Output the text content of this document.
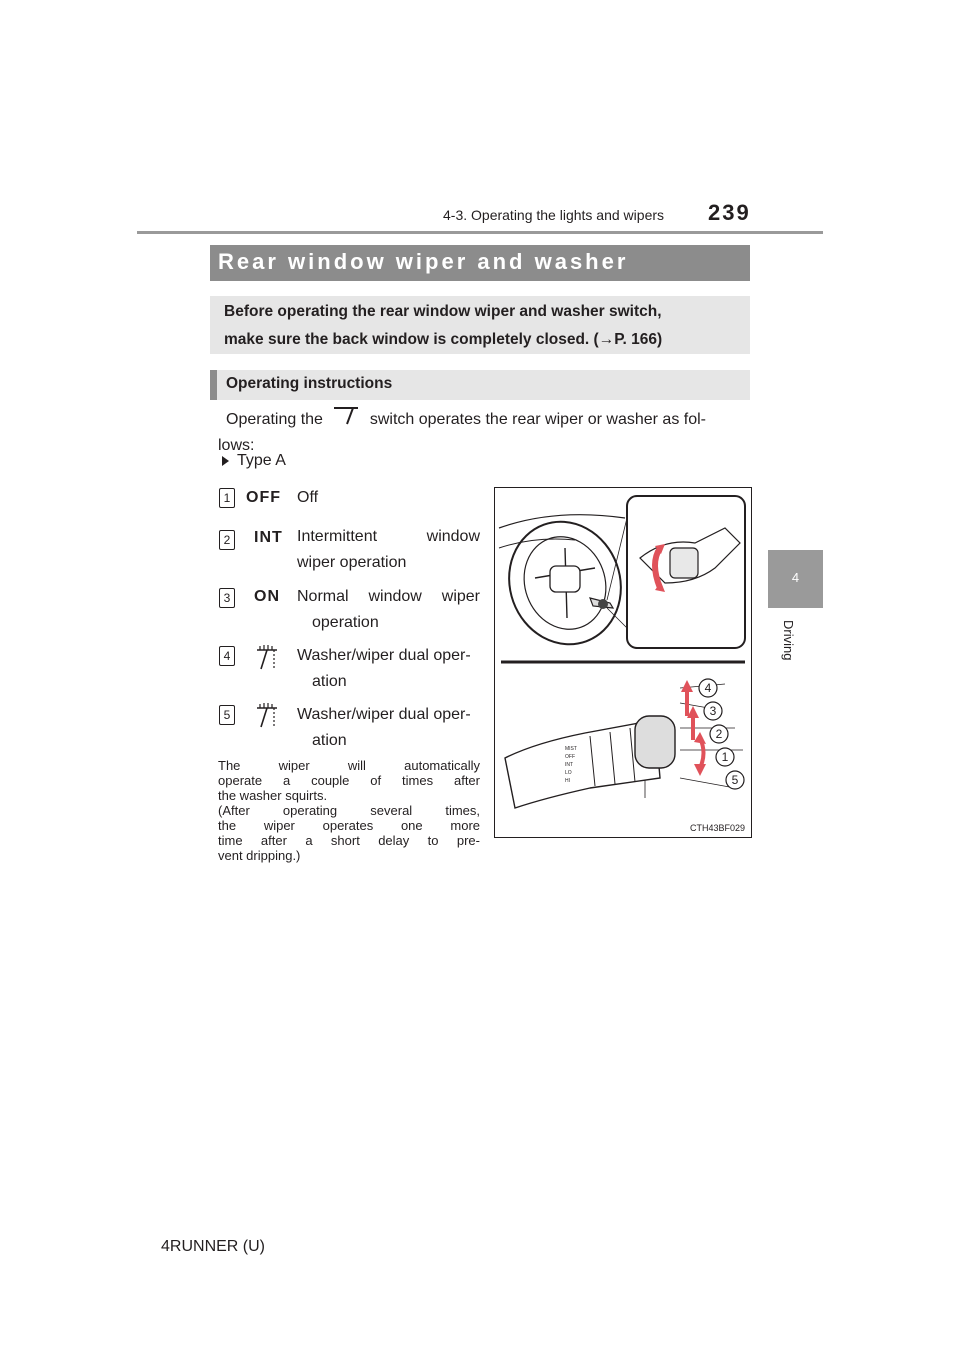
4-3. Operating the lights and wipers 239
4
Driving
Rear window wiper and washer
Before operating the rear window wiper and washer switch,
make sure the back window is completely closed. (→P. 166)
Operating instructions
Operating the	switch operates the rear wiper or washer as fol-
lows:
Type A
1 OFF Off
2 INT Intermittent window
wiper operation
3 ON Normal window wiper
operation
4	Washer/wiper dual oper-
ation
5	Washer/wiper dual oper-
ation
The wiper will automatically
operate a couple of times after
the washer squirts.
(After operating several times,
the wiper operates one more
time after a short delay to pre-
vent dripping.)
MIST
OFF
INT
LO
HI
4
3
2
1
5
CTH43BF029
4RUNNER (U)
